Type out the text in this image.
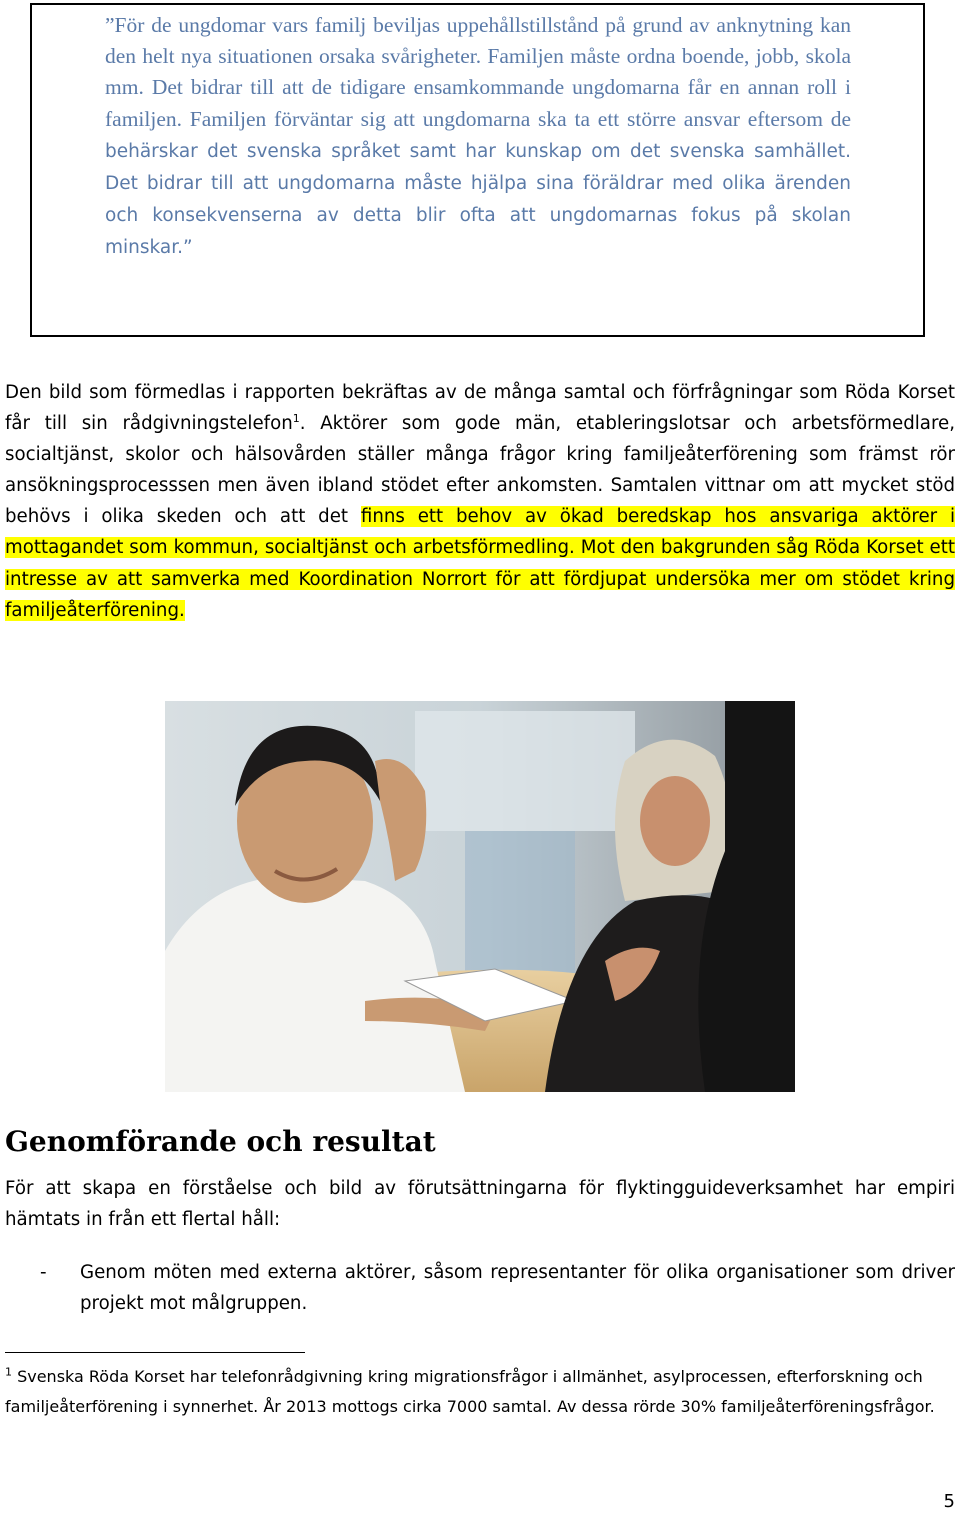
”För de ungdomar vars familj beviljas uppehållstillstånd på grund av anknytning kan den helt nya situationen orsaka svårigheter. Familjen måste ordna boende, jobb, skola mm. Det bidrar till att de tidigare ensamkommande ungdomarna får en annan roll i familjen. Familjen förväntar sig att ungdomarna ska ta ett större ansvar eftersom de behärskar det svenska språket samt har kunskap om det svenska samhället. Det bidrar till att ungdomarna måste hjälpa sina föräldrar med olika ärenden och konsekvenserna av detta blir ofta att ungdomarnas fokus på skolan minskar.”

Den bild som förmedlas i rapporten bekräftas av de många samtal och förfrågningar som Röda Korset får till sin rådgivningstelefon$^1$. Aktörer som gode män, etableringslotsar och arbetsförmedlare, socialtjänst, skolor och hälsovården ställer många frågor kring familjeåterförening som främst rör ansökningsprocesssen men även ibland stödet efter ankomsten. Samtalen vittnar om att mycket stöd behövs i olika skeden och att det finns ett behov av ökad beredskap hos ansvariga aktörer i mottagandet som kommun, socialtjänst och arbetsförmedling. Mot den bakgrunden såg Röda Korset ett intresse av att samverka med Koordination Norrort för att fördjupat undersöka mer om stödet kring familjeåterförening.

Genomförande och resultat

För att skapa en förståelse och bild av förutsättningarna för flyktingguideverksamhet har empiri hämtats in från ett flertal håll:

- Genom möten med externa aktörer, såsom representanter för olika organisationer som driver projekt mot målgruppen.

$^1$ Svenska Röda Korset har telefonrådgivning kring migrationsfrågor i allmänhet, asylprocessen, efterforskning och familjeåterförening i synnerhet. År 2013 mottogs cirka 7000 samtal. Av dessa rörde 30% familjeåterföreningsfrågor.

5
